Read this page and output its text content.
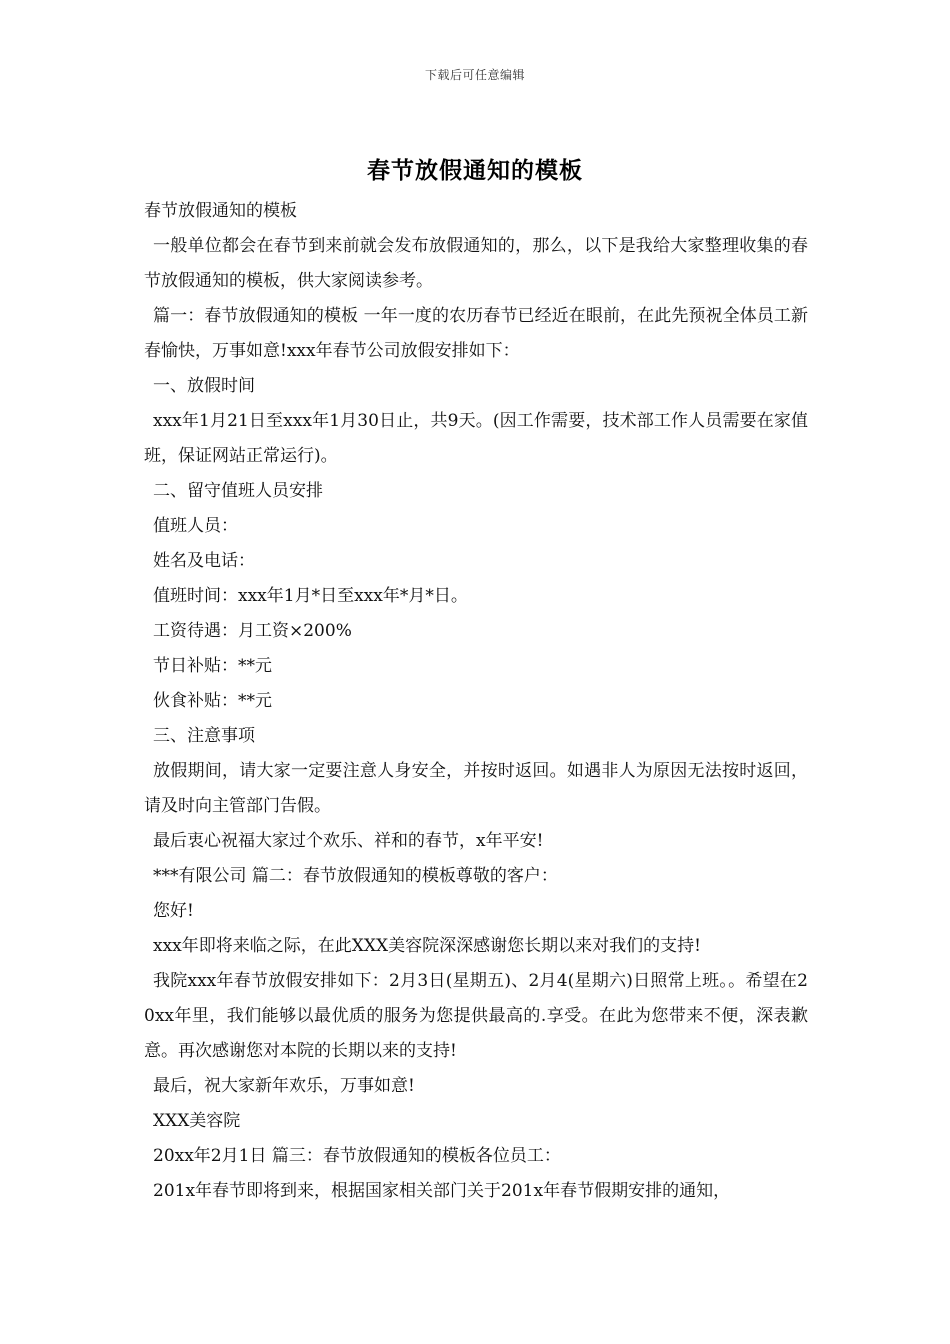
下载后可任意编辑
春节放假通知的模板

春节放假通知的模板

一般单位都会在春节到来前就会发布放假通知的，那么，以下是我给大家整理收集的春节放假通知的模板，供大家阅读参考。

篇一：春节放假通知的模板 一年一度的农历春节已经近在眼前，在此先预祝全体员工新春愉快，万事如意!xxx年春节公司放假安排如下：

一、放假时间

xxx年1月21日至xxx年1月30日止，共9天。(因工作需要，技术部工作人员需要在家值班，保证网站正常运行)。

二、留守值班人员安排

值班人员：

姓名及电话：

值班时间：xxx年1月*日至xxx年*月*日。

工资待遇：月工资×200%

节日补贴：**元

伙食补贴：**元

三、注意事项

放假期间，请大家一定要注意人身安全，并按时返回。如遇非人为原因无法按时返回，请及时向主管部门告假。

最后衷心祝福大家过个欢乐、祥和的春节，x年平安!

***有限公司 篇二：春节放假通知的模板尊敬的客户：

您好!

xxx年即将来临之际，在此XXX美容院深深感谢您长期以来对我们的支持!

我院xxx年春节放假安排如下：2月3日(星期五)、2月4(星期六)日照常上班。。希望在20xx年里，我们能够以最优质的服务为您提供最高的.享受。在此为您带来不便，深表歉意。再次感谢您对本院的长期以来的支持!

最后，祝大家新年欢乐，万事如意!

XXX美容院

20xx年2月1日 篇三：春节放假通知的模板各位员工：

201x年春节即将到来，根据国家相关部门关于201x年春节假期安排的通知，
